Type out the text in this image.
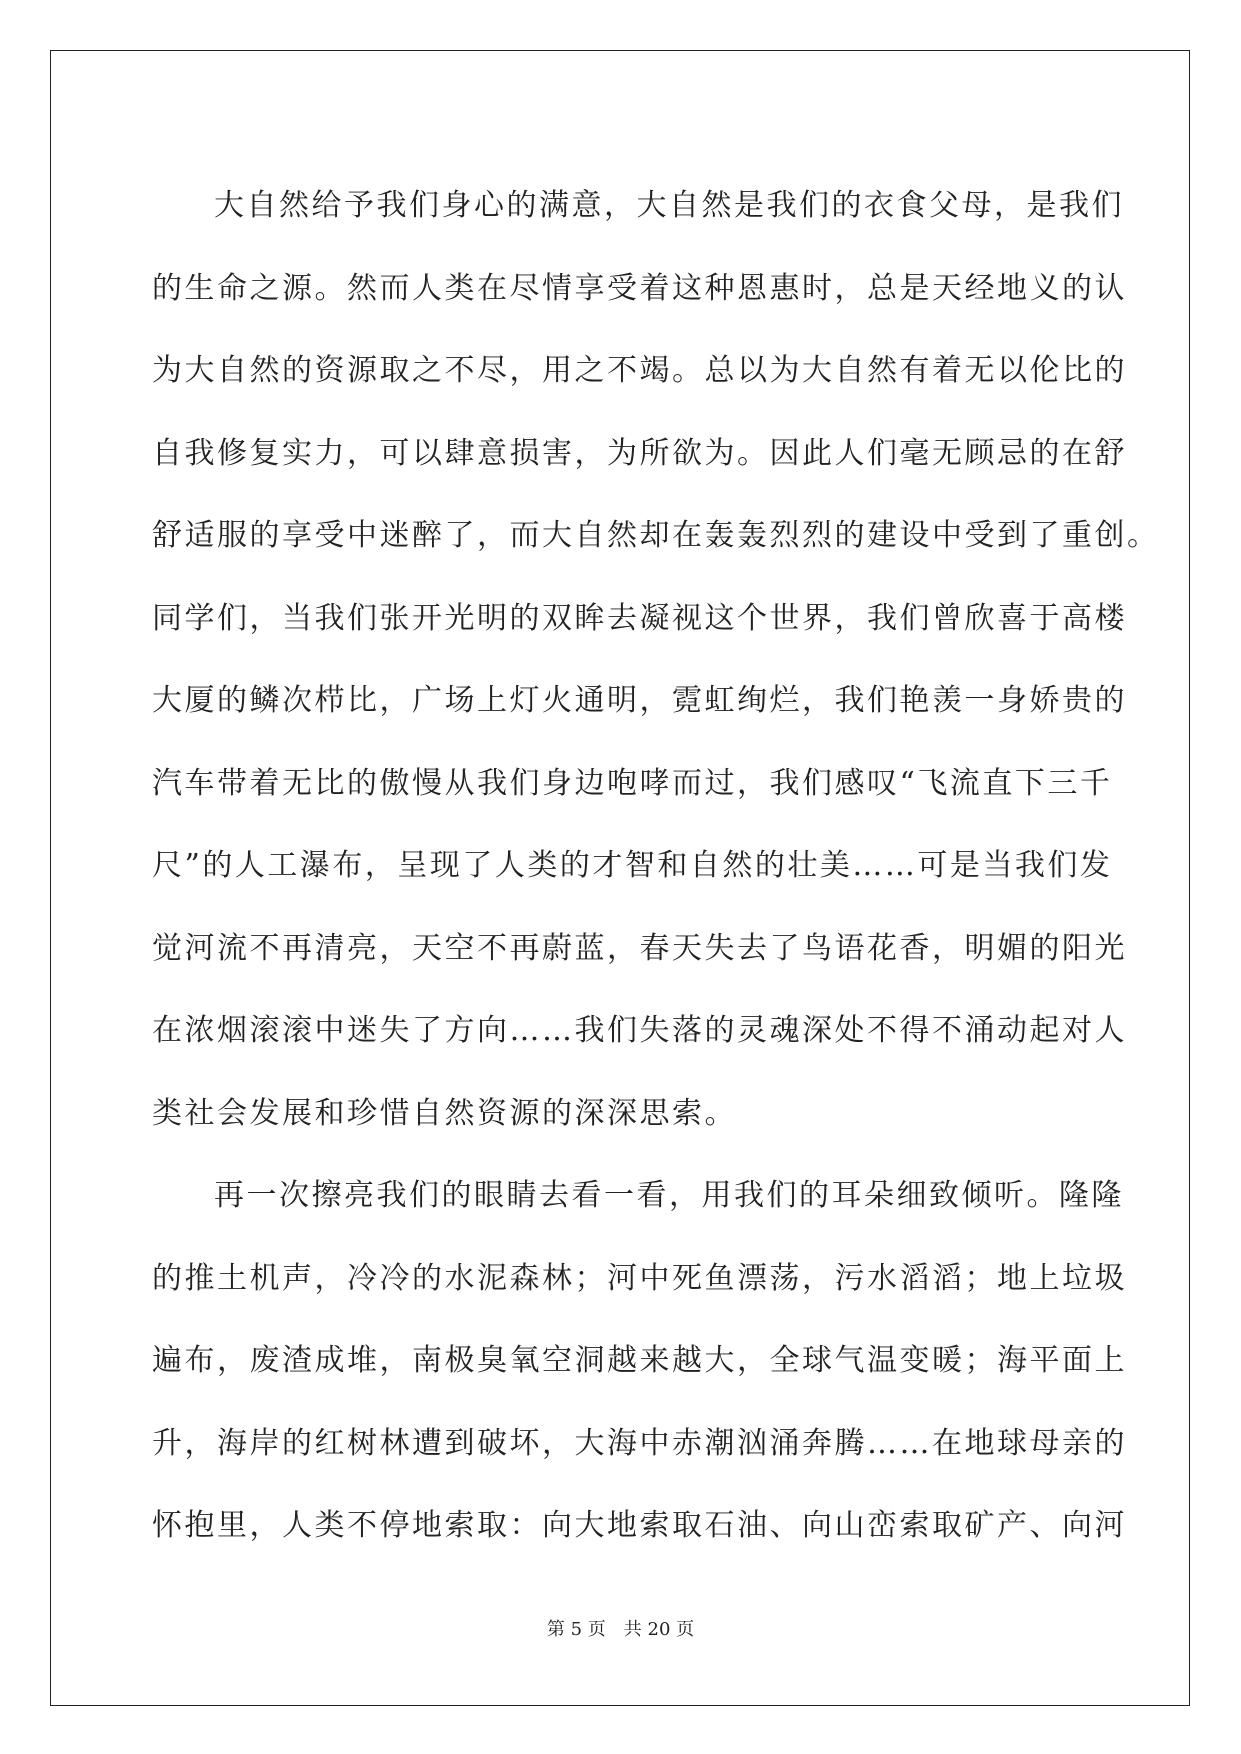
大自然给予我们身心的满意，大自然是我们的衣食父母，是我们
的生命之源。然而人类在尽情享受着这种恩惠时，总是天经地义的认
为大自然的资源取之不尽，用之不竭。总以为大自然有着无以伦比的
自我修复实力，可以肆意损害，为所欲为。因此人们毫无顾忌的在舒
舒适服的享受中迷醉了，而大自然却在轰轰烈烈的建设中受到了重创。
同学们，当我们张开光明的双眸去凝视这个世界，我们曾欣喜于高楼
大厦的鳞次栉比，广场上灯火通明，霓虹绚烂，我们艳羡一身娇贵的
汽车带着无比的傲慢从我们身边咆哮而过，我们感叹“飞流直下三千
尺”的人工瀑布，呈现了人类的才智和自然的壮美……可是当我们发
觉河流不再清亮，天空不再蔚蓝，春天失去了鸟语花香，明媚的阳光
在浓烟滚滚中迷失了方向……我们失落的灵魂深处不得不涌动起对人
类社会发展和珍惜自然资源的深深思索。
再一次擦亮我们的眼睛去看一看，用我们的耳朵细致倾听。隆隆
的推土机声，冷冷的水泥森林；河中死鱼漂荡，污水滔滔；地上垃圾
遍布，废渣成堆，南极臭氧空洞越来越大，全球气温变暖；海平面上
升，海岸的红树林遭到破坏，大海中赤潮汹涌奔腾……在地球母亲的
怀抱里，人类不停地索取：向大地索取石油、向山峦索取矿产、向河
第 5 页 共 20 页
